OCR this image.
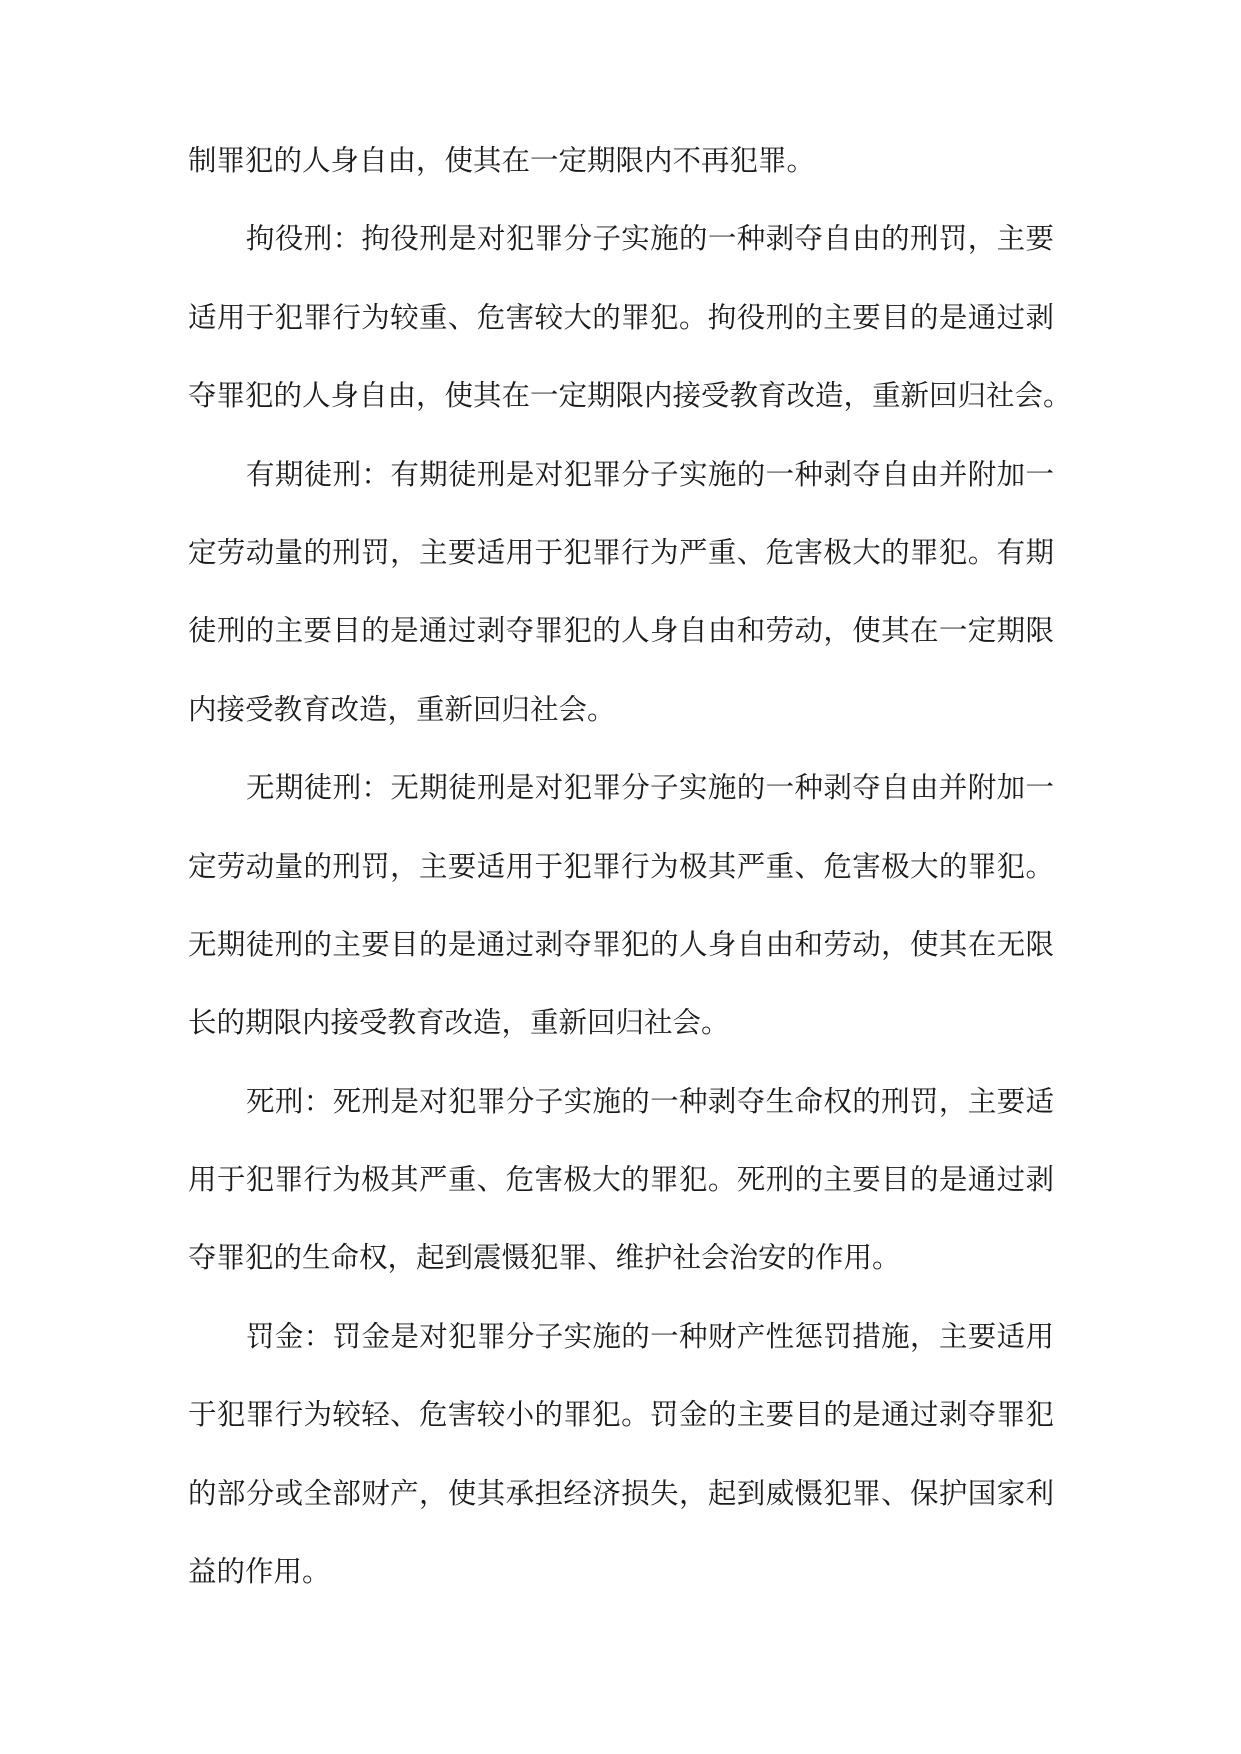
制罪犯的人身自由，使其在一定期限内不再犯罪。
拘役刑：拘役刑是对犯罪分子实施的一种剥夺自由的刑罚，主要
适用于犯罪行为较重、危害较大的罪犯。拘役刑的主要目的是通过剥
夺罪犯的人身自由，使其在一定期限内接受教育改造，重新回归社会。
有期徒刑：有期徒刑是对犯罪分子实施的一种剥夺自由并附加一
定劳动量的刑罚，主要适用于犯罪行为严重、危害极大的罪犯。有期
徒刑的主要目的是通过剥夺罪犯的人身自由和劳动，使其在一定期限
内接受教育改造，重新回归社会。
无期徒刑：无期徒刑是对犯罪分子实施的一种剥夺自由并附加一
定劳动量的刑罚，主要适用于犯罪行为极其严重、危害极大的罪犯。
无期徒刑的主要目的是通过剥夺罪犯的人身自由和劳动，使其在无限
长的期限内接受教育改造，重新回归社会。
死刑：死刑是对犯罪分子实施的一种剥夺生命权的刑罚，主要适
用于犯罪行为极其严重、危害极大的罪犯。死刑的主要目的是通过剥
夺罪犯的生命权，起到震慑犯罪、维护社会治安的作用。
罚金：罚金是对犯罪分子实施的一种财产性惩罚措施，主要适用
于犯罪行为较轻、危害较小的罪犯。罚金的主要目的是通过剥夺罪犯
的部分或全部财产，使其承担经济损失，起到威慑犯罪、保护国家利
益的作用。
